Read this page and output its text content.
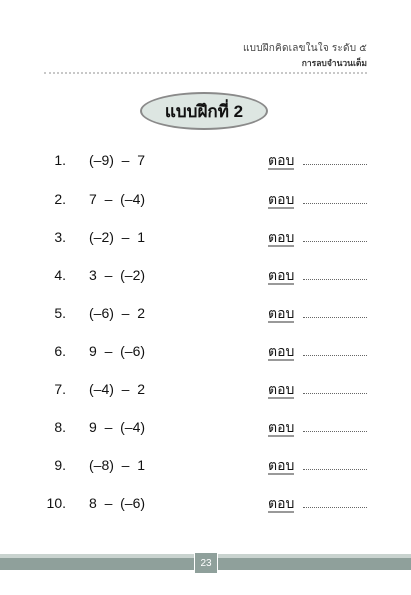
แบบฝึกคิดเลขในใจ ระดับ ๕
การลบจำนวนเต็ม
แบบฝึกที่ 2
1. (–9)  –  7	ตอบ
2. 7  –  (–4)	ตอบ
3. (–2)  –  1	ตอบ
4. 3  –  (–2)	ตอบ
5. (–6)  –  2	ตอบ
6. 9  –  (–6)	ตอบ
7. (–4)  –  2	ตอบ
8. 9  –  (–4)	ตอบ
9. (–8)  –  1	ตอบ
10. 8  –  (–6)	ตอบ
23
